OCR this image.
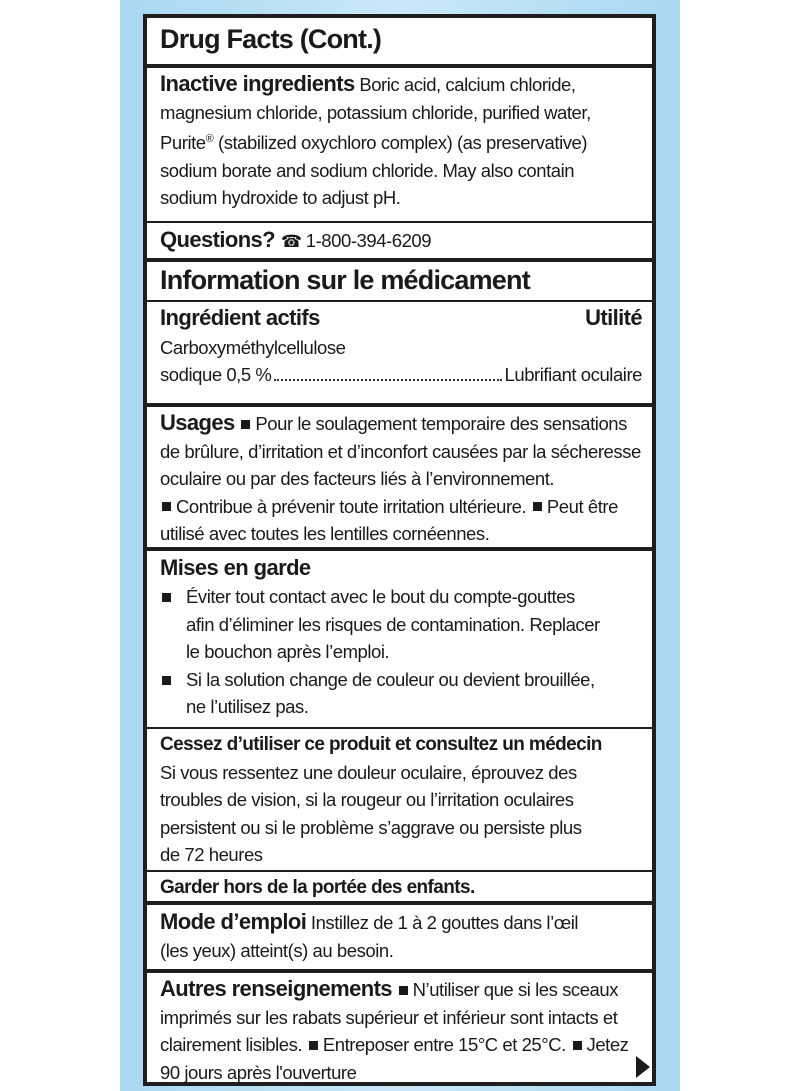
Drug Facts (Cont.)
Inactive ingredients Boric acid, calcium chloride,
magnesium chloride, potassium chloride, purified water,
Purite® (stabilized oxychloro complex) (as preservative)
sodium borate and sodium chloride. May also contain
sodium hydroxide to adjust pH.
Questions? ☎ 1-800-394-6209
Information sur le médicament
Ingrédient actifs	Utilité
Carboxyméthylcellulose
sodique 0,5 %	Lubrifiant oculaire
Usages Pour le soulagement temporaire des sensations
de brûlure, d’irritation et d’inconfort causées par la sécheresse
oculaire ou par des facteurs liés à l’environnement.
Contribue à prévenir toute irritation ultérieure. Peut être
utilisé avec toutes les lentilles cornéennes.
Mises en garde
Éviter tout contact avec le bout du compte-gouttes
afin d’éliminer les risques de contamination. Replacer
le bouchon après l’emploi.
Si la solution change de couleur ou devient brouillée,
ne l’utilisez pas.
Cessez d’utiliser ce produit et consultez un médecin
Si vous ressentez une douleur oculaire, éprouvez des
troubles de vision, si la rougeur ou l’irritation oculaires
persistent ou si le problème s’aggrave ou persiste plus
de 72 heures
Garder hors de la portée des enfants.
Mode d’emploi Instillez de 1 à 2 gouttes dans l’œil
(les yeux) atteint(s) au besoin.
Autres renseignements N’utiliser que si les sceaux
imprimés sur les rabats supérieur et inférieur sont intacts et
clairement lisibles. Entreposer entre 15°C et 25°C. Jetez
90 jours après l'ouverture
